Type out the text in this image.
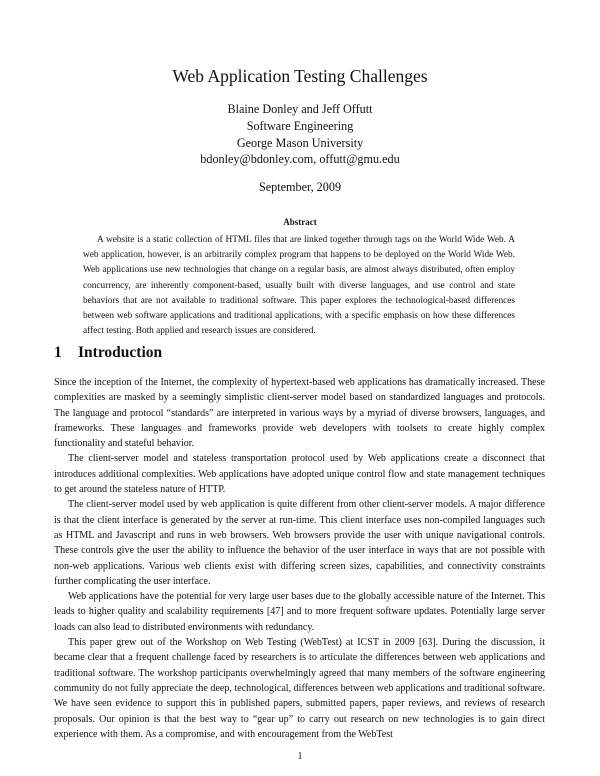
Web Application Testing Challenges
Blaine Donley and Jeff Offutt
Software Engineering
George Mason University
bdonley@bdonley.com, offutt@gmu.edu
September, 2009
Abstract

A website is a static collection of HTML files that are linked together through tags on the World Wide Web. A web application, however, is an arbitrarily complex program that happens to be deployed on the World Wide Web. Web applications use new technologies that change on a regular basis, are almost always distributed, often employ concurrency, are inherently component-based, usually built with diverse languages, and use control and state behaviors that are not available to traditional software. This paper explores the technological-based differences between web software applications and traditional applications, with a specific emphasis on how these differences affect testing. Both applied and research issues are considered.

1 Introduction

Since the inception of the Internet, the complexity of hypertext-based web applications has dramatically increased. These complexities are masked by a seemingly simplistic client-server model based on standardized languages and protocols. The language and protocol “standards” are interpreted in various ways by a myriad of diverse browsers, languages, and frameworks. These languages and frameworks provide web developers with toolsets to create highly complex functionality and stateful behavior.

The client-server model and stateless transportation protocol used by Web applications create a disconnect that introduces additional complexities. Web applications have adopted unique control flow and state management techniques to get around the stateless nature of HTTP.

The client-server model used by web application is quite different from other client-server models. A major difference is that the client interface is generated by the server at run-time. This client interface uses non-compiled languages such as HTML and Javascript and runs in web browsers. Web browsers provide the user with unique navigational controls. These controls give the user the ability to influence the behavior of the user interface in ways that are not possible with non-web applications. Various web clients exist with differing screen sizes, capabilities, and connectivity constraints further complicating the user interface.

Web applications have the potential for very large user bases due to the globally accessible nature of the Internet. This leads to higher quality and scalability requirements [47] and to more frequent software updates. Potentially large server loads can also lead to distributed environments with redundancy.

This paper grew out of the Workshop on Web Testing (WebTest) at ICST in 2009 [63]. During the discussion, it became clear that a frequent challenge faced by researchers is to articulate the differences between web applications and traditional software. The workshop participants overwhelmingly agreed that many members of the software engineering community do not fully appreciate the deep, technological, differences between web applications and traditional software. We have seen evidence to support this in published papers, submitted papers, paper reviews, and reviews of research proposals. Our opinion is that the best way to “gear up” to carry out research on new technologies is to gain direct experience with them. As a compromise, and with encouragement from the WebTest

1
